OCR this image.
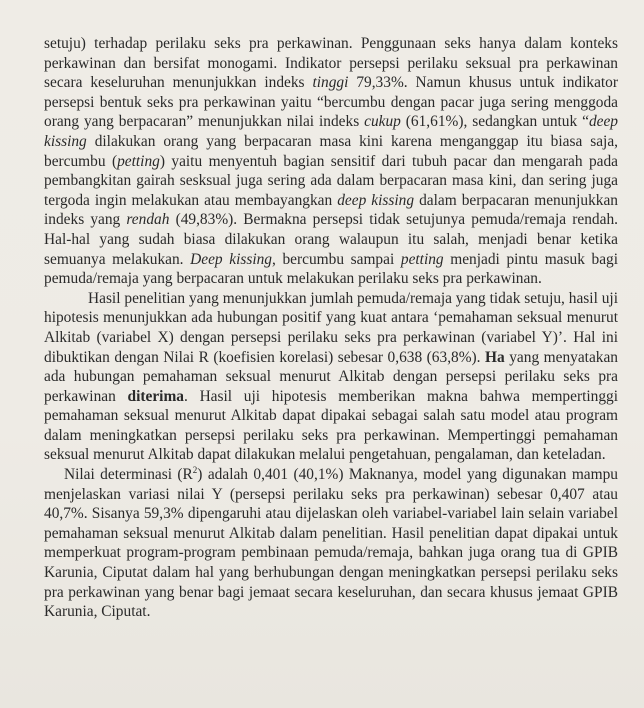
setuju) terhadap perilaku seks pra perkawinan. Penggunaan seks hanya dalam konteks perkawinan dan bersifat monogami. Indikator persepsi perilaku seksual pra perkawinan secara keseluruhan menunjukkan indeks tinggi 79,33%. Namun khusus untuk indikator persepsi bentuk seks pra perkawinan yaitu “bercumbu dengan pacar juga sering menggoda orang yang berpacaran” menunjukkan nilai indeks cukup (61,61%), sedangkan untuk “deep kissing dilakukan orang yang berpacaran masa kini karena menganggap itu biasa saja, bercumbu (petting) yaitu menyentuh bagian sensitif dari tubuh pacar dan mengarah pada pembangkitan gairah sesksual juga sering ada dalam berpacaran masa kini, dan sering juga tergoda ingin melakukan atau membayangkan deep kissing dalam berpacaran menunjukkan indeks yang rendah (49,83%). Bermakna persepsi tidak setujunya pemuda/remaja rendah. Hal-hal yang sudah biasa dilakukan orang walaupun itu salah, menjadi benar ketika semuanya melakukan. Deep kissing, bercumbu sampai petting menjadi pintu masuk bagi pemuda/remaja yang berpacaran untuk melakukan perilaku seks pra perkawinan.

Hasil penelitian yang menunjukkan jumlah pemuda/remaja yang tidak setuju, hasil uji hipotesis menunjukkan ada hubungan positif yang kuat antara ‘pemahaman seksual menurut Alkitab (variabel X) dengan persepsi perilaku seks pra perkawinan (variabel Y)’. Hal ini dibuktikan dengan Nilai R (koefisien korelasi) sebesar 0,638 (63,8%). Ha yang menyatakan ada hubungan pemahaman seksual menurut Alkitab dengan persepsi perilaku seks pra perkawinan diterima. Hasil uji hipotesis memberikan makna bahwa mempertinggi pemahaman seksual menurut Alkitab dapat dipakai sebagai salah satu model atau program dalam meningkatkan persepsi perilaku seks pra perkawinan. Mempertinggi pemahaman seksual menurut Alkitab dapat dilakukan melalui pengetahuan, pengalaman, dan keteladan.

Nilai determinasi $(R^2)$ adalah 0,401 (40,1%) Maknanya, model yang digunakan mampu menjelaskan variasi nilai Y (persepsi perilaku seks pra perkawinan) sebesar 0,407 atau 40,7%. Sisanya 59,3% dipengaruhi atau dijelaskan oleh variabel-variabel lain selain variabel pemahaman seksual menurut Alkitab dalam penelitian. Hasil penelitian dapat dipakai untuk memperkuat program-program pembinaan pemuda/remaja, bahkan juga orang tua di GPIB Karunia, Ciputat dalam hal yang berhubungan dengan meningkatkan persepsi perilaku seks pra perkawinan yang benar bagi jemaat secara keseluruhan, dan secara khusus jemaat GPIB Karunia, Ciputat.
